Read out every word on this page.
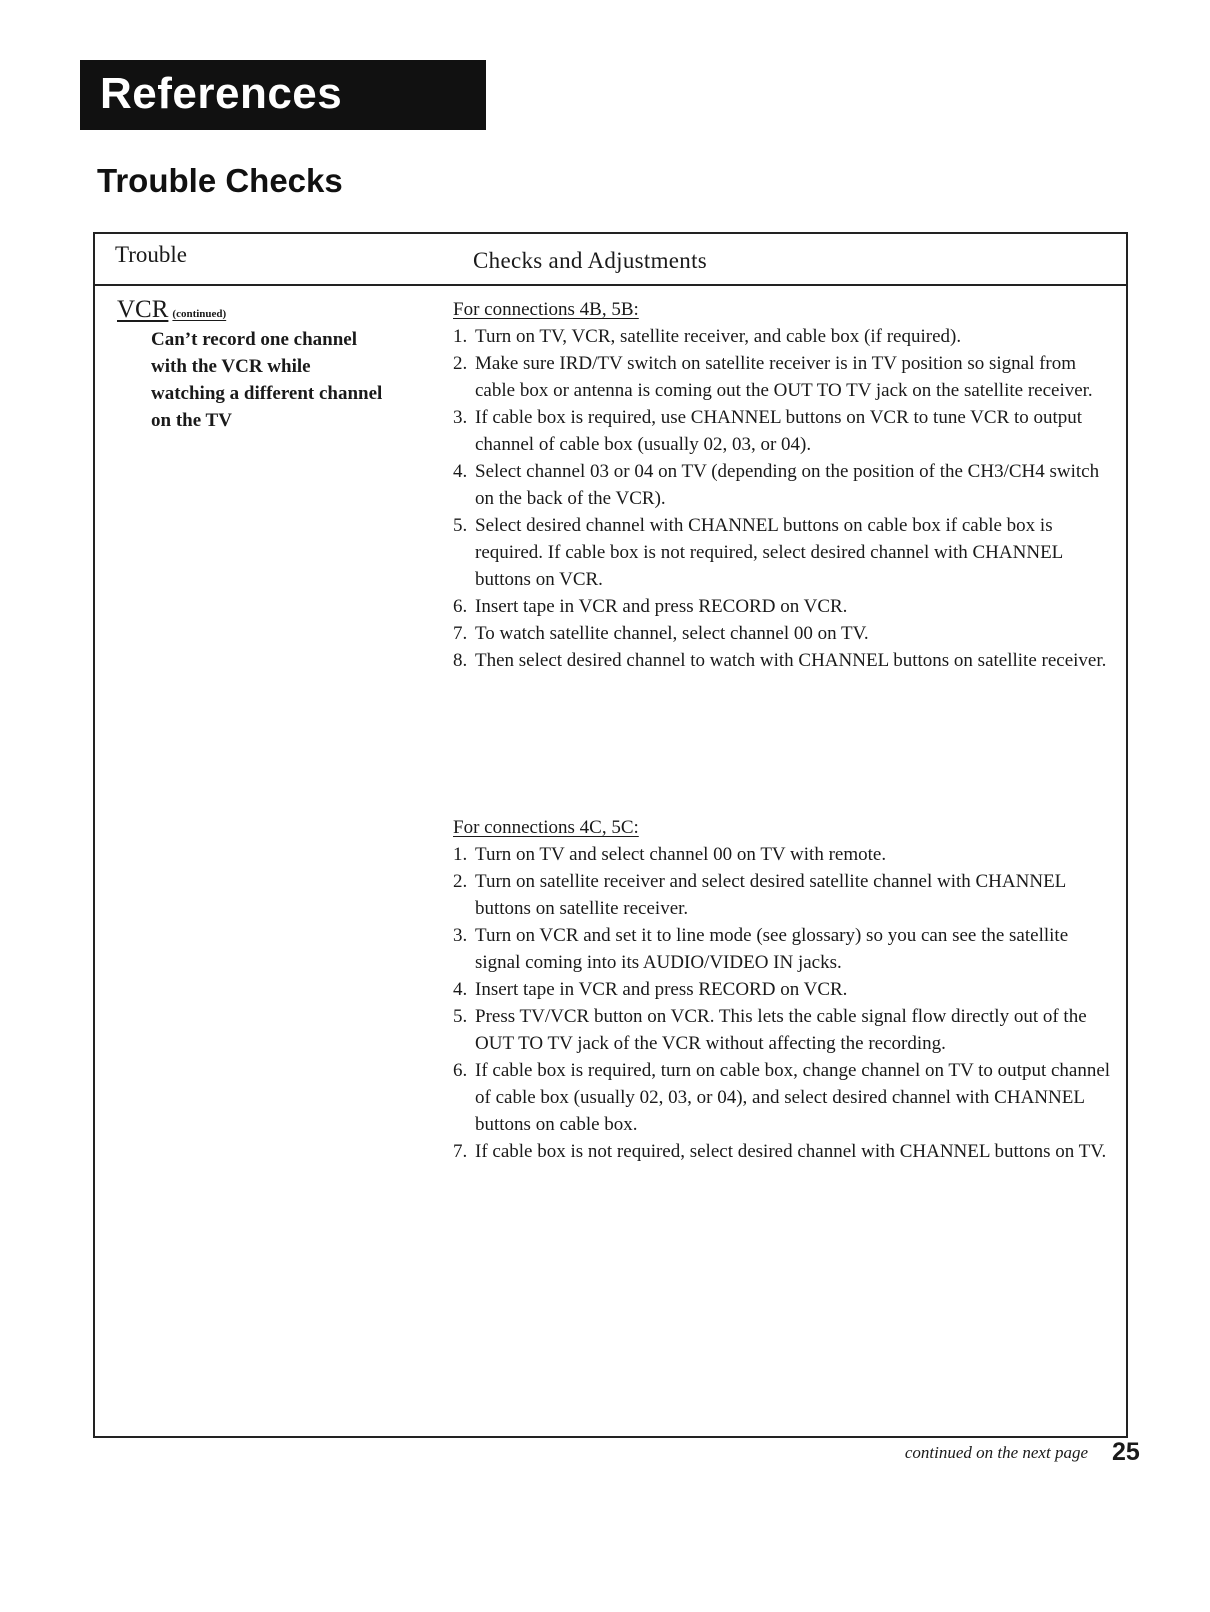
References
Trouble Checks
Trouble	Checks and Adjustments
VCR (continued)
Can’t record one channel
with the VCR while
watching a different channel
on the TV
For connections 4B, 5B:
1. Turn on TV, VCR, satellite receiver, and cable box (if required).
2. Make sure IRD/TV switch on satellite receiver is in TV position so signal from cable box or antenna is coming out the OUT TO TV jack on the satellite receiver.
3. If cable box is required, use CHANNEL buttons on VCR to tune VCR to output channel of cable box (usually 02, 03, or 04).
4. Select channel 03 or 04 on TV (depending on the position of the CH3/CH4 switch on the back of the VCR).
5. Select desired channel with CHANNEL buttons on cable box if cable box is required. If cable box is not required, select desired channel with CHANNEL buttons on VCR.
6. Insert tape in VCR and press RECORD on VCR.
7. To watch satellite channel, select channel 00 on TV.
8. Then select desired channel to watch with CHANNEL buttons on satellite receiver.
For connections 4C, 5C:
1. Turn on TV and select channel 00 on TV with remote.
2. Turn on satellite receiver and select desired satellite channel with CHANNEL buttons on satellite receiver.
3. Turn on VCR and set it to line mode (see glossary) so you can see the satellite signal coming into its AUDIO/VIDEO IN jacks.
4. Insert tape in VCR and press RECORD on VCR.
5. Press TV/VCR button on VCR. This lets the cable signal flow directly out of the OUT TO TV jack of the VCR without affecting the recording.
6. If cable box is required, turn on cable box, change channel on TV to output channel of cable box (usually 02, 03, or 04), and select desired channel with CHANNEL buttons on cable box.
7. If cable box is not required, select desired channel with CHANNEL buttons on TV.
continued on the next page 25
